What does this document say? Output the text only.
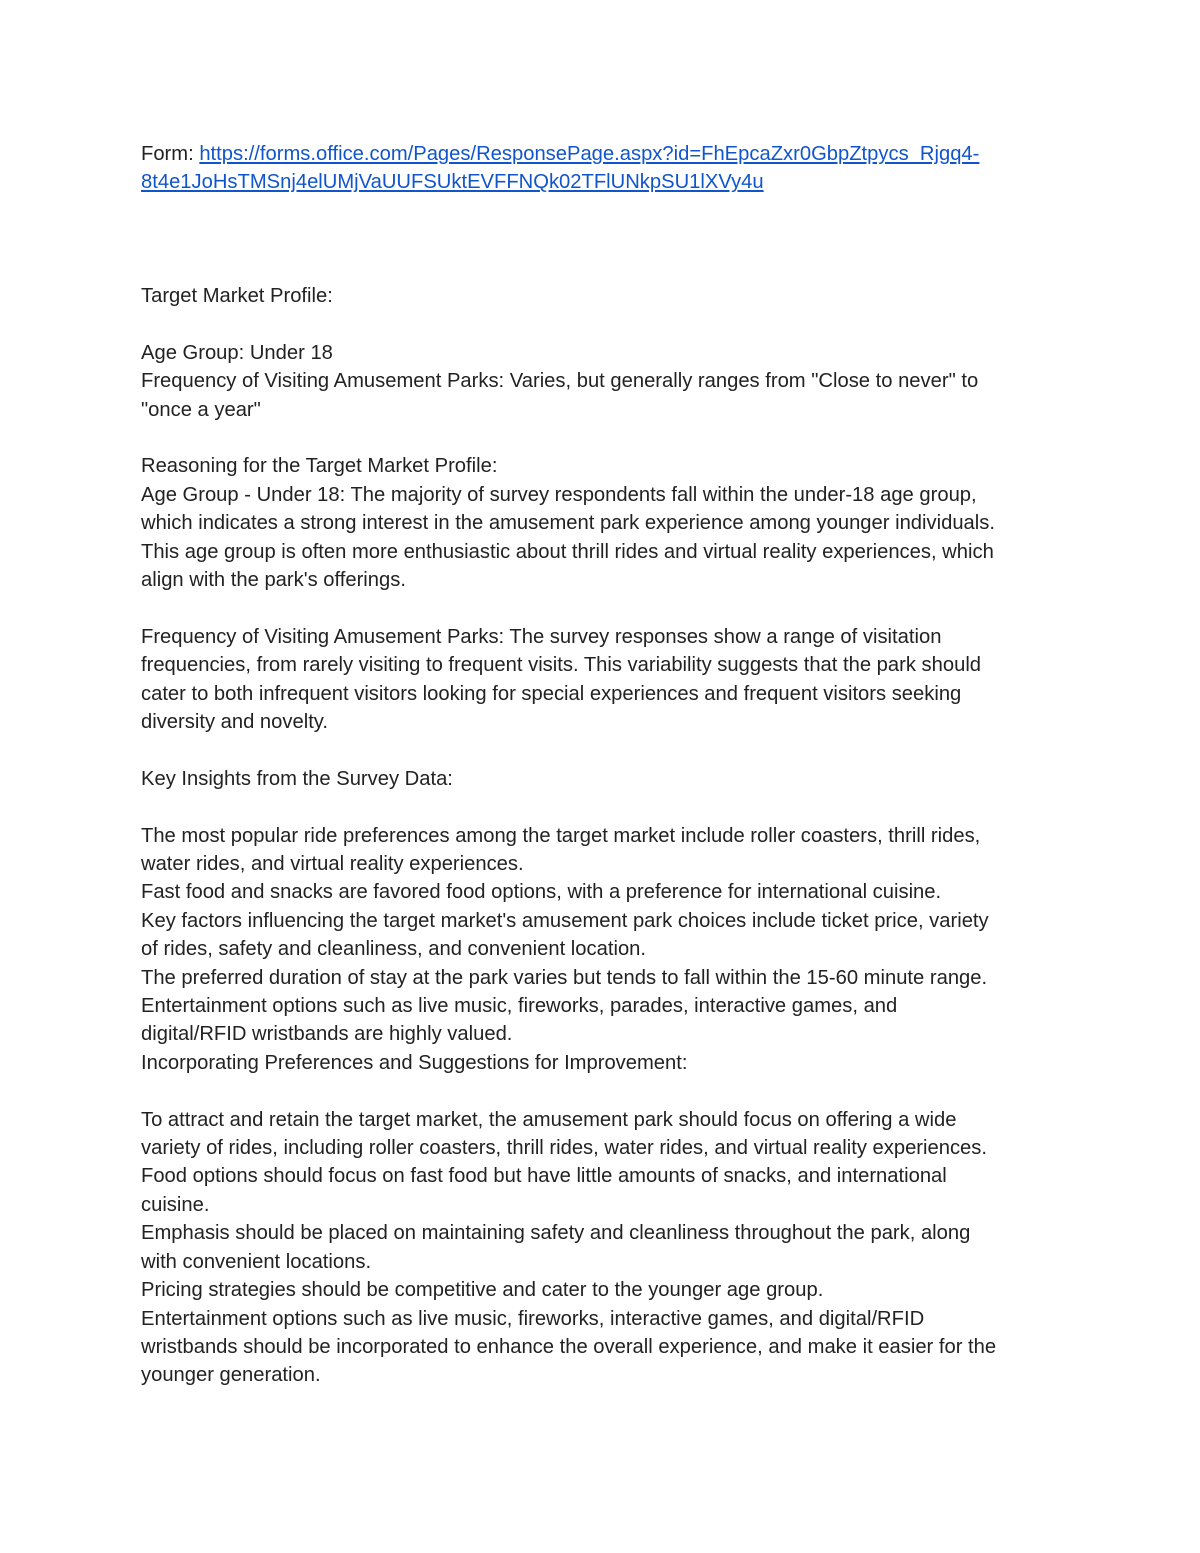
Form: https://forms.office.com/Pages/ResponsePage.aspx?id=FhEpcaZxr0GbpZtpycs_Rjgq4-
8t4e1JoHsTMSnj4elUMjVaUUFSUktEVFFNQk02TFlUNkpSU1lXVy4u
Target Market Profile:
Age Group: Under 18
Frequency of Visiting Amusement Parks: Varies, but generally ranges from "Close to never" to
"once a year"
Reasoning for the Target Market Profile:
Age Group - Under 18: The majority of survey respondents fall within the under-18 age group,
which indicates a strong interest in the amusement park experience among younger individuals.
This age group is often more enthusiastic about thrill rides and virtual reality experiences, which
align with the park's offerings.
Frequency of Visiting Amusement Parks: The survey responses show a range of visitation
frequencies, from rarely visiting to frequent visits. This variability suggests that the park should
cater to both infrequent visitors looking for special experiences and frequent visitors seeking
diversity and novelty.
Key Insights from the Survey Data:
The most popular ride preferences among the target market include roller coasters, thrill rides,
water rides, and virtual reality experiences.
Fast food and snacks are favored food options, with a preference for international cuisine.
Key factors influencing the target market's amusement park choices include ticket price, variety
of rides, safety and cleanliness, and convenient location.
The preferred duration of stay at the park varies but tends to fall within the 15-60 minute range.
Entertainment options such as live music, fireworks, parades, interactive games, and
digital/RFID wristbands are highly valued.
Incorporating Preferences and Suggestions for Improvement:
To attract and retain the target market, the amusement park should focus on offering a wide
variety of rides, including roller coasters, thrill rides, water rides, and virtual reality experiences.
Food options should focus on fast food but have little amounts of snacks, and international
cuisine.
Emphasis should be placed on maintaining safety and cleanliness throughout the park, along
with convenient locations.
Pricing strategies should be competitive and cater to the younger age group.
Entertainment options such as live music, fireworks, interactive games, and digital/RFID
wristbands should be incorporated to enhance the overall experience, and make it easier for the
younger generation.
